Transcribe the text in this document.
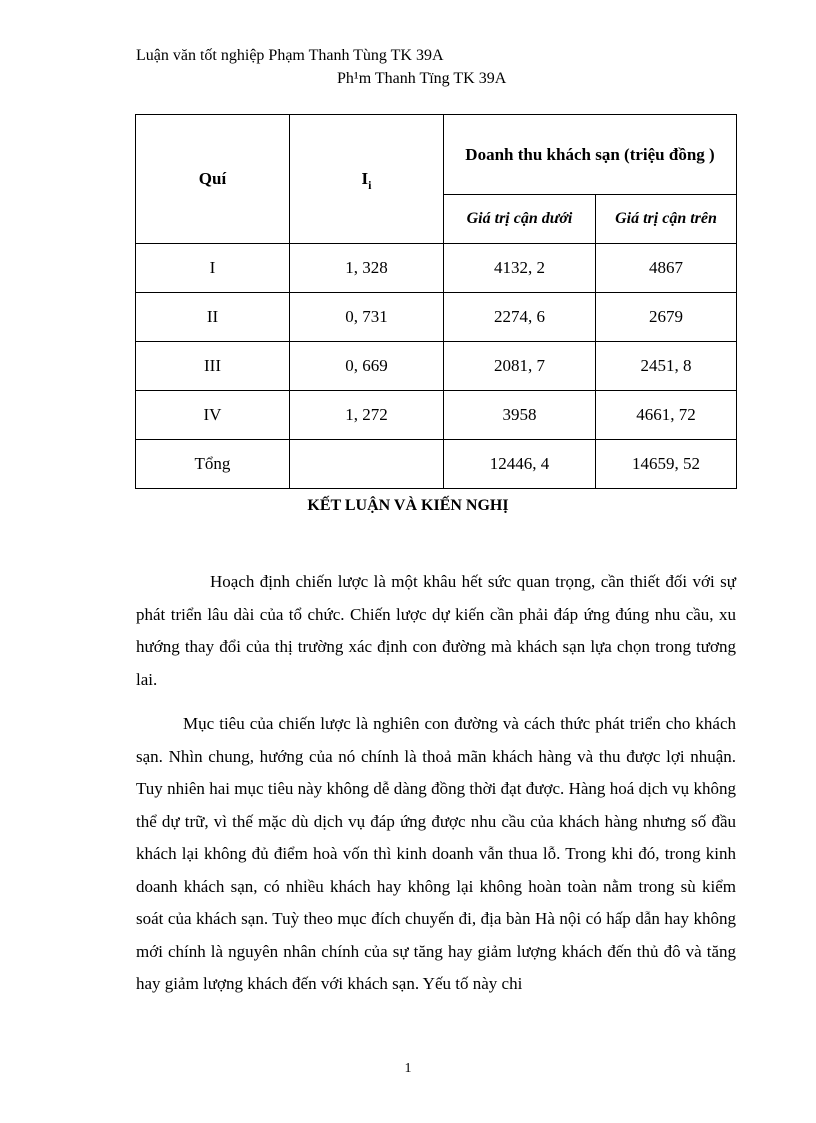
Luận văn tốt nghiệp Phạm Thanh Tùng TK 39A
Ph¹m Thanh Tïng TK 39A
Quí	$I_i$	Doanh thu khách sạn (triệu đồng )	
		Giá trị cận dưới	Giá trị cận trên
I	1, 328	4132, 2	4867
II	0, 731	2274, 6	2679
III	0, 669	2081, 7	2451, 8
IV	1, 272	3958	4661, 72
Tổng		12446, 4	14659, 52
KẾT LUẬN VÀ KIẾN NGHỊ

Hoạch định chiến lược là một khâu hết sức quan trọng, cần thiết đối với sự phát triển lâu dài của tổ chức. Chiến lược dự kiến cần phải đáp ứng đúng nhu cầu, xu hướng thay đổi của thị trường xác định con đường mà khách sạn lựa chọn trong tương lai.

Mục tiêu của chiến lược là nghiên con đường và cách thức phát triển cho khách sạn. Nhìn chung, hướng của nó chính là thoả mãn khách hàng và thu được lợi nhuận. Tuy nhiên hai mục tiêu này không dễ dàng đồng thời đạt được. Hàng hoá dịch vụ không thể dự trữ, vì thế mặc dù dịch vụ đáp ứng được nhu cầu của khách hàng nhưng số đầu khách lại không đủ điểm hoà vốn thì kinh doanh vẫn thua lỗ. Trong khi đó, trong kinh doanh khách sạn, có nhiều khách hay không lại không hoàn toàn nằm trong sù kiểm soát của khách sạn. Tuỳ theo mục đích chuyến đi, địa bàn Hà nội có hấp dẫn hay không mới chính là nguyên nhân chính của sự tăng hay giảm lượng khách đến thủ đô và tăng hay giảm lượng khách đến với khách sạn. Yếu tố này chi

1
